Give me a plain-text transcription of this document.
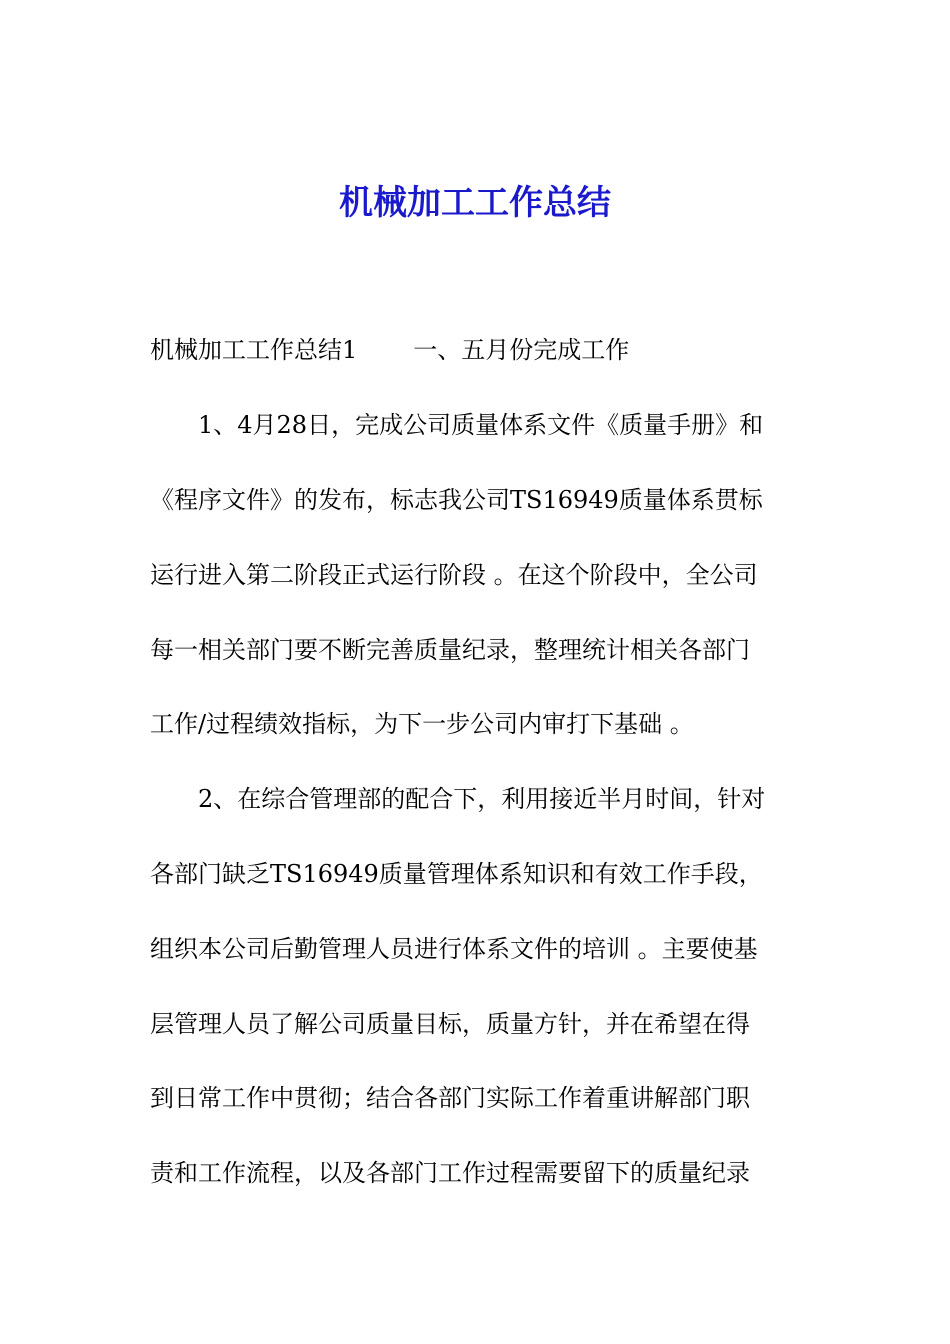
机械加工工作总结
机械加工工作总结1 一、五月份完成工作
1、4月28日，完成公司质量体系文件《质量手册》和
《程序文件》的发布，标志我公司TS16949质量体系贯标
运行进入第二阶段正式运行阶段 。在这个阶段中，全公司
每一相关部门要不断完善质量纪录，整理统计相关各部门
工作/过程绩效指标，为下一步公司内审打下基础 。
2、在综合管理部的配合下，利用接近半月时间，针对
各部门缺乏TS16949质量管理体系知识和有效工作手段，
组织本公司后勤管理人员进行体系文件的培训 。主要使基
层管理人员了解公司质量目标，质量方针，并在希望在得
到日常工作中贯彻；结合各部门实际工作着重讲解部门职
责和工作流程，以及各部门工作过程需要留下的质量纪录
